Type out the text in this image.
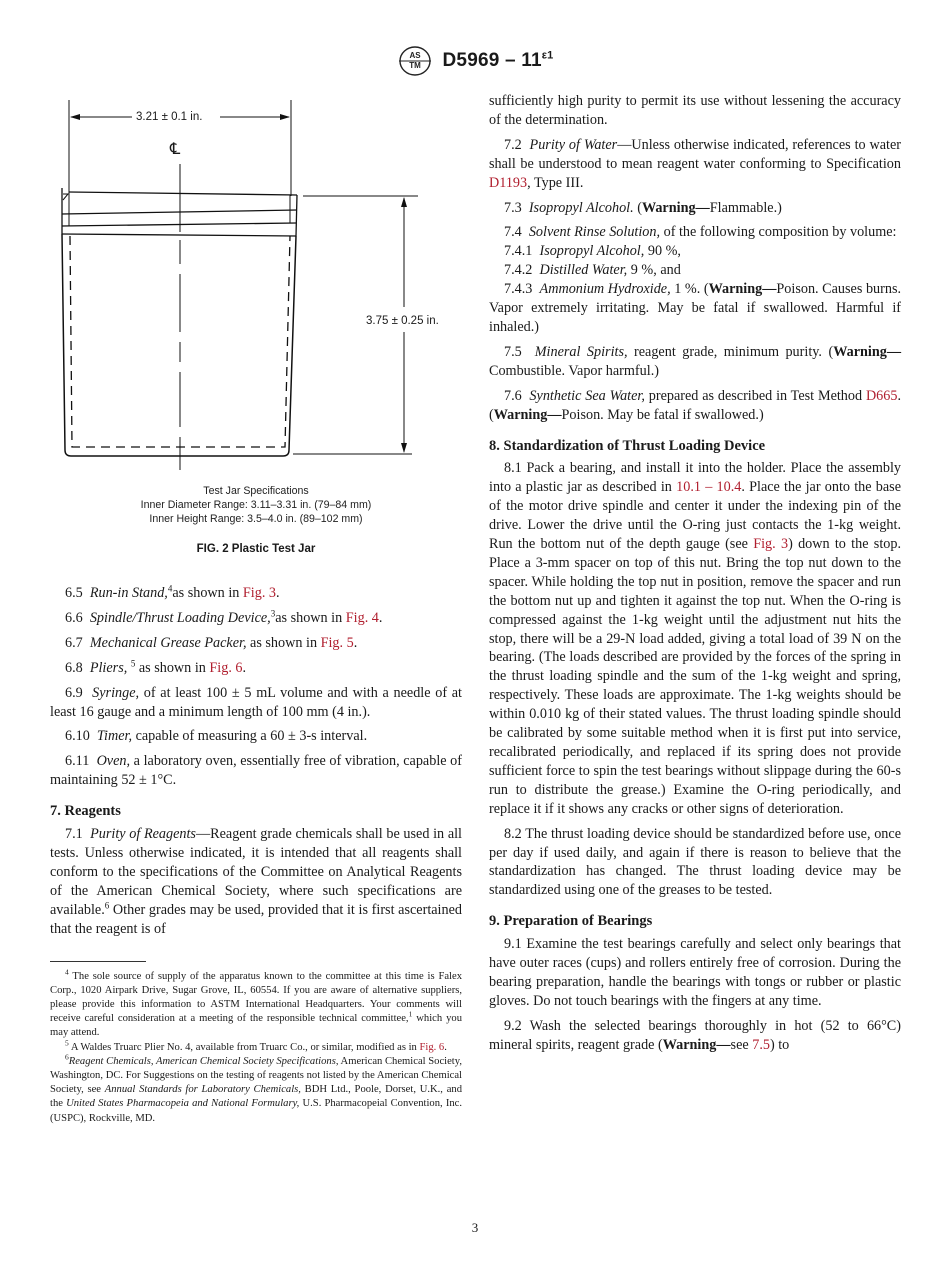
AS
TM $D5969 - 11^{\varepsilon 1}$
3.21 ± 0.1 in.
℄
3.75 ± 0.25 in.
Test Jar Specifications
Inner Diameter Range: 3.11–3.31 in. (79–84 mm)
Inner Height Range: 3.5–4.0 in. (89–102 mm)
FIG. 2 Plastic Test Jar

6.5 Run-in Stand,$^4$as shown in Fig. 3.

6.6 Spindle/Thrust Loading Device,$^3$as shown in Fig. 4.

6.7 Mechanical Grease Packer, as shown in Fig. 5.

6.8 Pliers, $^5$ as shown in Fig. 6.

6.9 Syringe, of at least 100 ± 5 mL volume and with a needle of at least 16 gauge and a minimum length of 100 mm (4 in.).

6.10 Timer, capable of measuring a 60 ± 3-s interval.

6.11 Oven, a laboratory oven, essentially free of vibration, capable of maintaining 52 ± 1°C.

7. Reagents

7.1 Purity of Reagents—Reagent grade chemicals shall be used in all tests. Unless otherwise indicated, it is intended that all reagents shall conform to the specifications of the Committee on Analytical Reagents of the American Chemical Society, where such specifications are available.$^6$ Other grades may be used, provided that it is first ascertained that the reagent is of

$^4$ The sole source of supply of the apparatus known to the committee at this time is Falex Corp., 1020 Airpark Drive, Sugar Grove, IL, 60554. If you are aware of alternative suppliers, please provide this information to ASTM International Headquarters. Your comments will receive careful consideration at a meeting of the responsible technical committee,$^1$ which you may attend.

$^5$ A Waldes Truarc Plier No. 4, available from Truarc Co., or similar, modified as in Fig. 6.

$^6$Reagent Chemicals, American Chemical Society Specifications, American Chemical Society, Washington, DC. For Suggestions on the testing of reagents not listed by the American Chemical Society, see Annual Standards for Laboratory Chemicals, BDH Ltd., Poole, Dorset, U.K., and the United States Pharmacopeia and National Formulary, U.S. Pharmacopeial Convention, Inc. (USPC), Rockville, MD.

sufficiently high purity to permit its use without lessening the accuracy of the determination.

7.2 Purity of Water—Unless otherwise indicated, references to water shall be understood to mean reagent water conforming to Specification D1193, Type III.

7.3 Isopropyl Alcohol. (Warning—Flammable.)

7.4 Solvent Rinse Solution, of the following composition by volume:

7.4.1 Isopropyl Alcohol, 90 %,

7.4.2 Distilled Water, 9 %, and

7.4.3 Ammonium Hydroxide, 1 %. (Warning—Poison. Causes burns. Vapor extremely irritating. May be fatal if swallowed. Harmful if inhaled.)

7.5 Mineral Spirits, reagent grade, minimum purity. (Warning—Combustible. Vapor harmful.)

7.6 Synthetic Sea Water, prepared as described in Test Method D665. (Warning—Poison. May be fatal if swallowed.)

8. Standardization of Thrust Loading Device

8.1 Pack a bearing, and install it into the holder. Place the assembly into a plastic jar as described in 10.1 – 10.4. Place the jar onto the base of the motor drive spindle and center it under the indexing pin of the drive. Lower the drive until the O-ring just contacts the 1-kg weight. Run the bottom nut of the depth gauge (see Fig. 3) down to the stop. Place a 3-mm spacer on top of this nut. Bring the top nut down to the spacer. While holding the top nut in position, remove the spacer and run the bottom nut up and tighten it against the top nut. When the O-ring is compressed against the 1-kg weight until the adjustment nut hits the stop, there will be a 29-N load added, giving a total load of 39 N on the bearing. (The loads described are provided by the forces of the spring in the thrust loading spindle and the sum of the 1-kg weight and spring, respectively. These loads are approximate. The 1-kg weights should be within 0.010 kg of their stated values. The thrust loading spindle should be calibrated by some suitable method when it is first put into service, recalibrated periodically, and replaced if its spring does not provide sufficient force to spin the test bearings without slippage during the 60-s run to distribute the grease.) Examine the O-ring periodically, and replace it if it shows any cracks or other signs of deterioration.

8.2 The thrust loading device should be standardized before use, once per day if used daily, and again if there is reason to believe that the standardization has changed. The thrust loading device may be standardized using one of the greases to be tested.

9. Preparation of Bearings

9.1 Examine the test bearings carefully and select only bearings that have outer races (cups) and rollers entirely free of corrosion. During the bearing preparation, handle the bearings with tongs or rubber or plastic gloves. Do not touch bearings with the fingers at any time.

9.2 Wash the selected bearings thoroughly in hot (52 to 66°C) mineral spirits, reagent grade (Warning—see 7.5) to

3
